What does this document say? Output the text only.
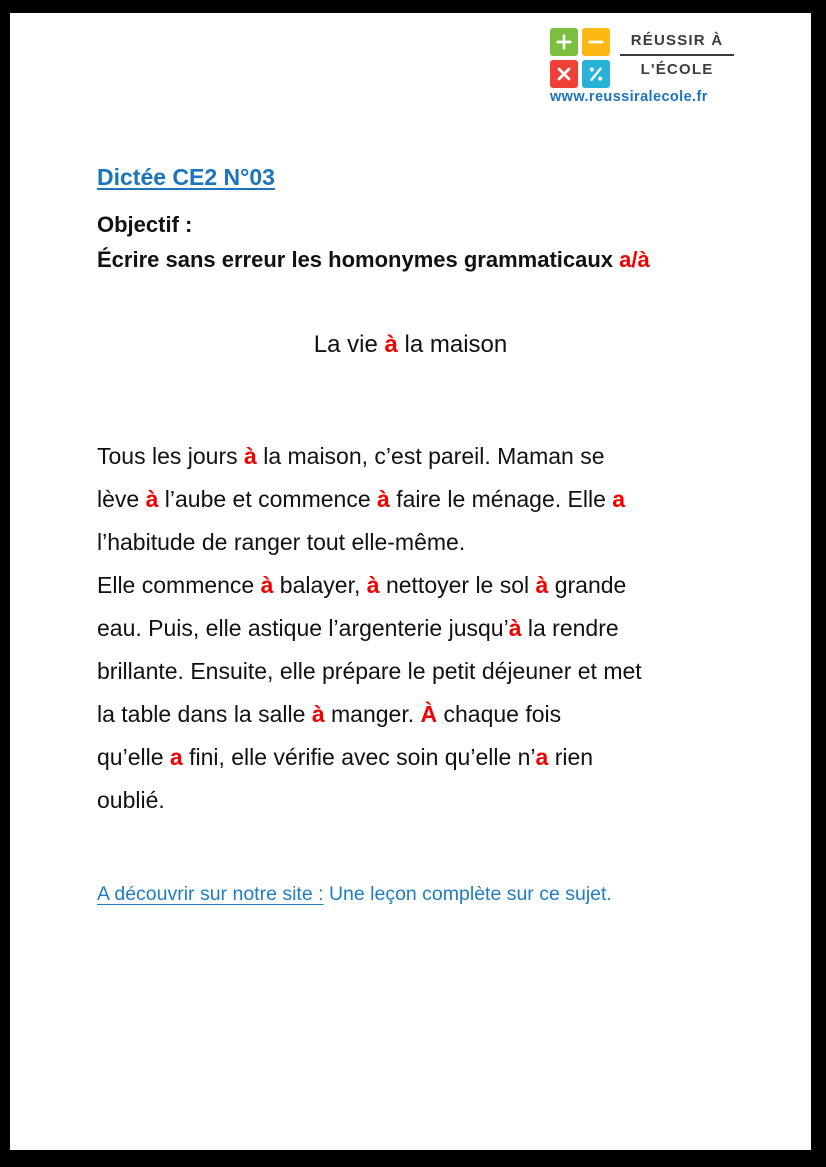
RÉUSSIR À
L'ÉCOLE
www.reussiralecole.fr
Dictée CE2 N°03
Objectif :
Écrire sans erreur les homonymes grammaticaux a/à
La vie à la maison
Tous les jours à la maison, c’est pareil. Maman se
lève à l’aube et commence à faire le ménage. Elle a
l’habitude de ranger tout elle-même.
Elle commence à balayer, à nettoyer le sol à grande
eau. Puis, elle astique l’argenterie jusqu’à la rendre
brillante. Ensuite, elle prépare le petit déjeuner et met
la table dans la salle à manger. À chaque fois
qu’elle a fini, elle vérifie avec soin qu’elle n’a rien
oublié.
A découvrir sur notre site : Une leçon complète sur ce sujet.
